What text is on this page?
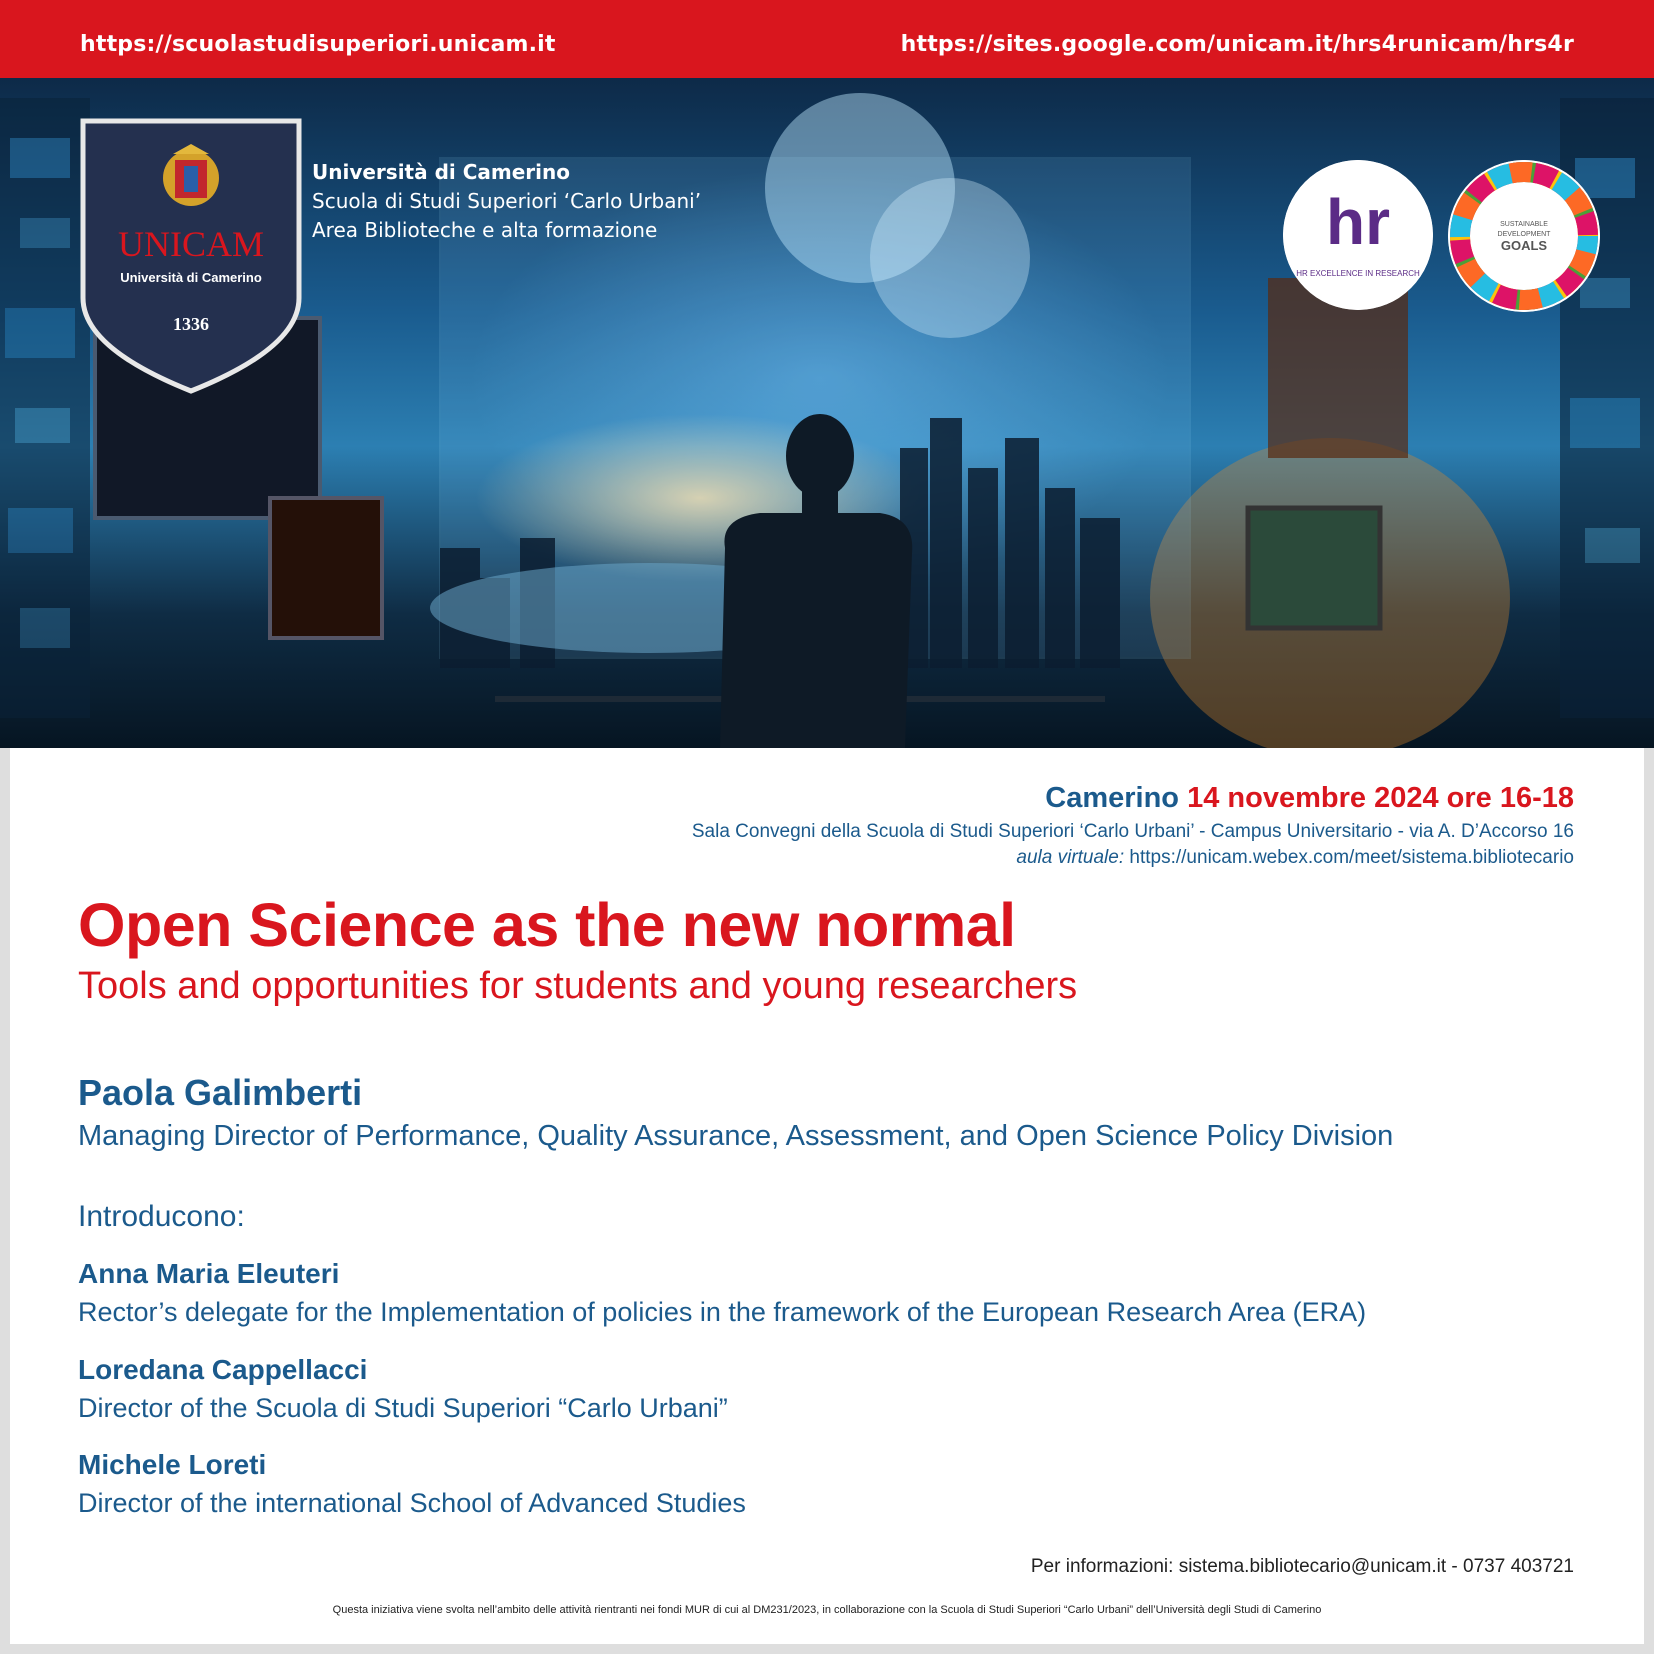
https://scuolastudisuperiori.unicam.it	https://sites.google.com/unicam.it/hrs4runicam/hrs4r
UNICAM
Università di Camerino
1336
Università di Camerino
Scuola di Studi Superiori ‘Carlo Urbani’
Area Biblioteche e alta formazione	hr
HR EXCELLENCE IN RESEARCH
SUSTAINABLE
DEVELOPMENT
GOALS
Camerino 14 novembre 2024 ore 16-18
Sala Convegni della Scuola di Studi Superiori ‘Carlo Urbani’ - Campus Universitario - via A. D’Accorso 16
aula virtuale: https://unicam.webex.com/meet/sistema.bibliotecario
Open Science as the new normal
Tools and opportunities for students and young researchers
Paola Galimberti
Managing Director of Performance, Quality Assurance, Assessment, and Open Science Policy Division
Introducono:
Anna Maria Eleuteri
Rector’s delegate for the Implementation of policies in the framework of the European Research Area (ERA)
Loredana Cappellacci
Director of the Scuola di Studi Superiori “Carlo Urbani”
Michele Loreti
Director of the international School of Advanced Studies
Per informazioni: sistema.bibliotecario@unicam.it - 0737 403721
Questa iniziativa viene svolta nell’ambito delle attività rientranti nei fondi MUR di cui al DM231/2023, in collaborazione con la Scuola di Studi Superiori “Carlo Urbani” dell’Università degli Studi di Camerino
